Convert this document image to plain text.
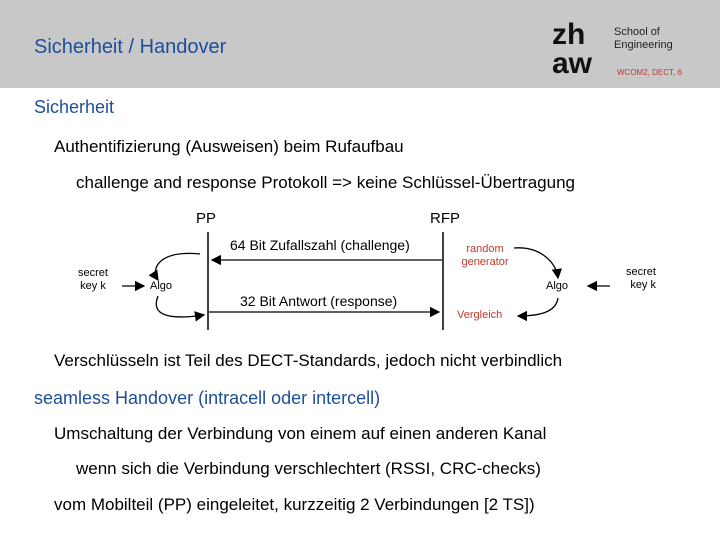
Sicherheit / Handover	zh
aw
School of
Engineering
WCOM2, DECT, 6
Sicherheit
Authentifizierung (Ausweisen) beim Rufaufbau
challenge and response Protokoll => keine Schlüssel-Übertragung
PP	RFP
64 Bit Zufallszahl (challenge)
32 Bit Antwort (response)
random
generator
Vergleich
Algo	Algo
secret
key k
secret
key k
Verschlüsseln ist Teil des DECT-Standards, jedoch nicht verbindlich
seamless Handover (intracell oder intercell)
Umschaltung der Verbindung von einem auf einen anderen Kanal
wenn sich die Verbindung verschlechtert (RSSI, CRC-checks)
vom Mobilteil (PP) eingeleitet, kurzzeitig 2 Verbindungen [2 TS])
